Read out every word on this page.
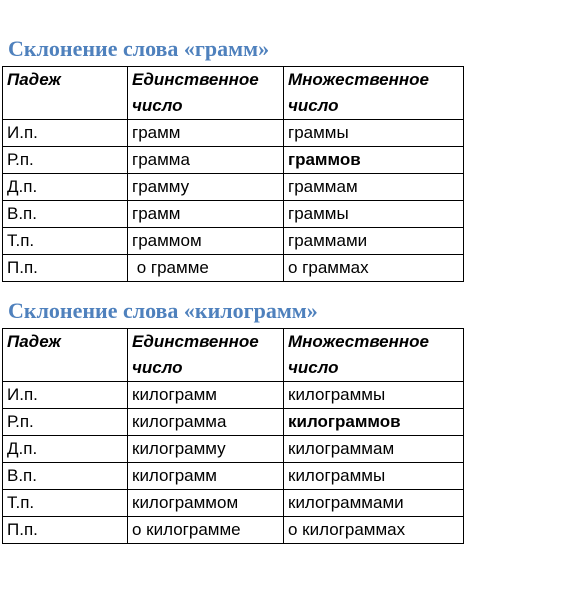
Склонение слова «грамм»
Падеж	Единственное число	Множественное число
И.п.	грамм	граммы
Р.п.	грамма	граммов
Д.п.	грамму	граммам
В.п.	грамм	граммы
Т.п.	граммом	граммами
П.п.	о грамме	о граммах
Склонение слова «килограмм»
Падеж	Единственное число	Множественное число
И.п.	килограмм	килограммы
Р.п.	килограмма	килограммов
Д.п.	килограмму	килограммам
В.п.	килограмм	килограммы
Т.п.	килограммом	килограммами
П.п.	о килограмме	о килограммах
